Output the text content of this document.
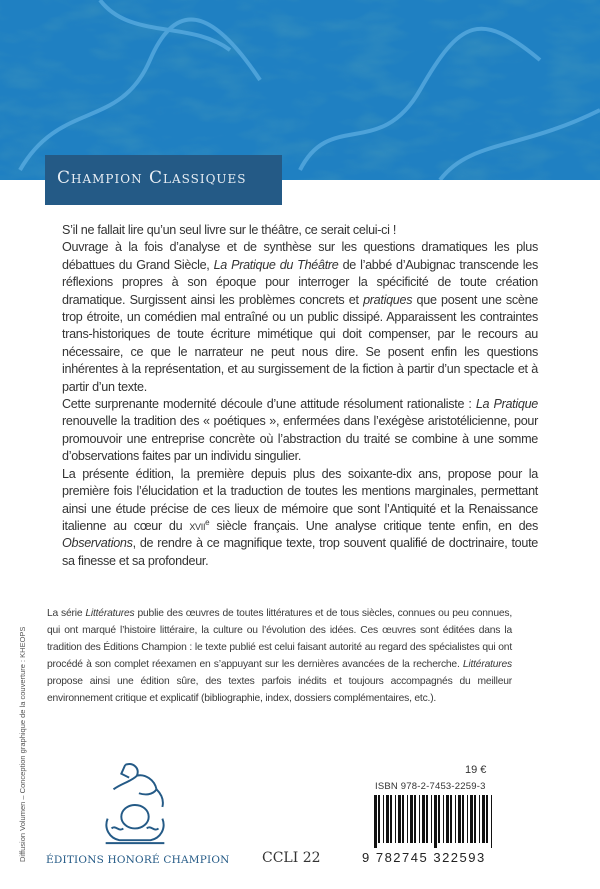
Champion Classiques

S’il ne fallait lire qu’un seul livre sur le théâtre, ce serait celui-ci !

Ouvrage à la fois d’analyse et de synthèse sur les questions dramatiques les plus débattues du Grand Siècle, La Pratique du Théâtre de l’abbé d’Aubignac transcende les réflexions propres à son époque pour interroger la spécificité de toute création dramatique. Surgissent ainsi les problèmes concrets et pratiques que posent une scène trop étroite, un comédien mal entraîné ou un public dissipé. Apparaissent les contraintes trans-historiques de toute écriture mimétique qui doit compenser, par le recours au nécessaire, ce que le narrateur ne peut nous dire. Se posent enfin les questions inhérentes à la représentation, et au surgissement de la fiction à partir d’un spectacle et à partir d’un texte.

Cette surprenante modernité découle d’une attitude résolument rationaliste : La Pratique renouvelle la tradition des « poétiques », enfermées dans l’exégèse aristotélicienne, pour promouvoir une entreprise concrète où l’abstraction du traité se combine à une somme d’observations faites par un individu singulier.

La présente édition, la première depuis plus des soixante-dix ans, propose pour la première fois l’élucidation et la traduction de toutes les mentions marginales, permettant ainsi une étude précise de ces lieux de mémoire que sont l’Antiquité et la Renaissance italienne au cœur du xvii$^e$ siècle français. Une analyse critique tente enfin, en des Observations, de rendre à ce magnifique texte, trop souvent qualifié de doctrinaire, toute sa finesse et sa profondeur.

La série Littératures publie des œuvres de toutes littératures et de tous siècles, connues ou peu connues, qui ont marqué l’histoire littéraire, la culture ou l’évolution des idées. Ces œuvres sont éditées dans la tradition des Éditions Champion : le texte publié est celui faisant autorité au regard des spécialistes qui ont procédé à son complet réexamen en s’appuyant sur les dernières avancées de la recherche. Littératures propose ainsi une édition sûre, des textes parfois inédits et toujours accompagnés du meilleur environnement critique et explicatif (bibliographie, index, dossiers complémentaires, etc.).
Diffusion Volumen – Conception graphique de la couverture : KHEOPS ÉDITIONS HONORÉ CHAMPION CCLI 22
19 €
ISBN 978-2-7453-2259-3
9 782745 322593
